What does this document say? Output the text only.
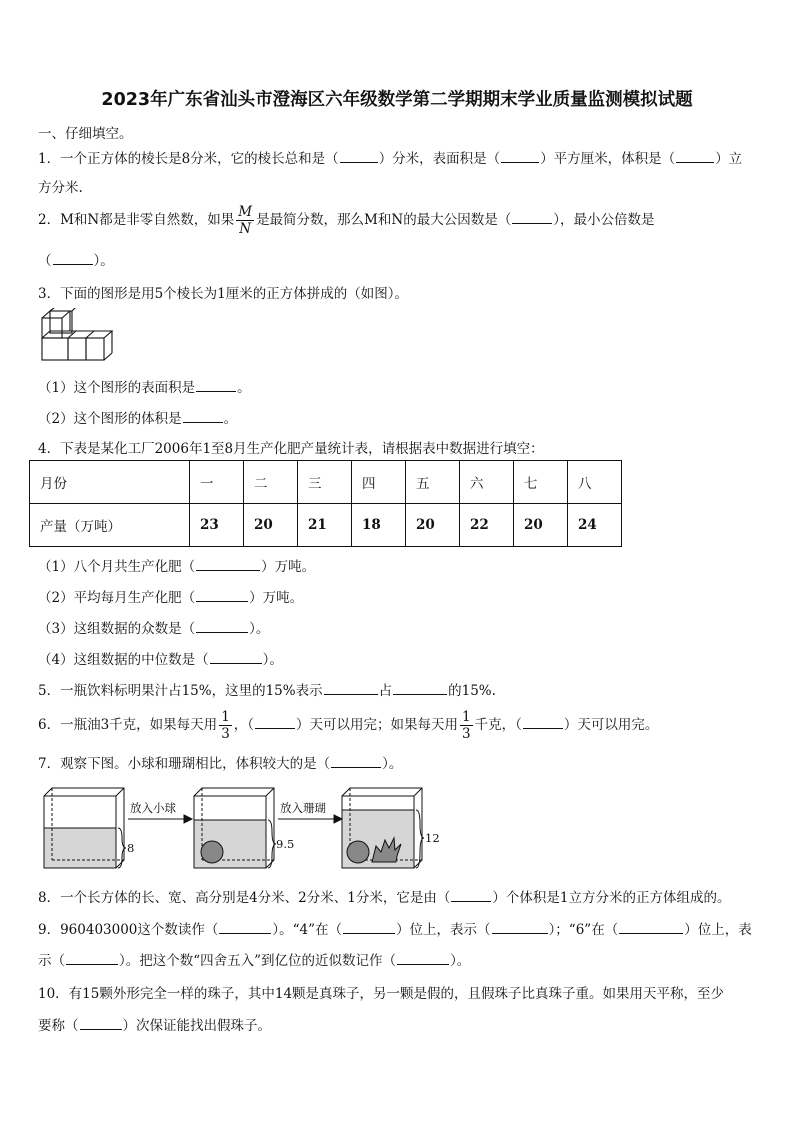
2023年广东省汕头市澄海区六年级数学第二学期期末学业质量监测模拟试题
一、仔细填空。
1．一个正方体的棱长是8分米，它的棱长总和是（	）分米，表面积是（	）平方厘米，体积是（	）立
方分米.
2．M和N都是非零自然数，如果 $\frac{M}{N}$ 是最简分数，那么M和N的最大公因数是（	），最小公倍数是
（	）。
3．下面的图形是用5个棱长为1厘米的正方体拼成的（如图）。
（1）这个图形的表面积是	。
（2）这个图形的体积是	。
4．下表是某化工厂2006年1至8月生产化肥产量统计表，请根据表中数据进行填空：
月份	一	二	三	四	五	六	七	八
产量（万吨）	23	20	21	18	20	22	20	24
（1）八个月共生产化肥（	）万吨。
（2）平均每月生产化肥（	）万吨。
（3）这组数据的众数是（	）。
（4）这组数据的中位数是（	）。
5．一瓶饮料标明果汁占15%，这里的15%表示	占	的15%.
6．一瓶油3千克，如果每天用 $\frac{1}{3}$ ，（	）天可以用完；如果每天用 $\frac{1}{3}$ 千克，（	）天可以用完。
7．观察下图。小球和珊瑚相比，体积较大的是（	）。
放入小球	放入珊瑚
8	9.5	12
8．一个长方体的长、宽、高分别是4分米、2分米、1分米，它是由（	）个体积是1立方分米的正方体组成的。
9．960403000这个数读作（	）。“4”在（	）位上，表示（	）；“6”在（	）位上，表
示（	）。把这个数“四舍五入”到亿位的近似数记作（	）。
10．有15颗外形完全一样的珠子，其中14颗是真珠子，另一颗是假的，且假珠子比真珠子重。如果用天平称，至少
要称（	）次保证能找出假珠子。
